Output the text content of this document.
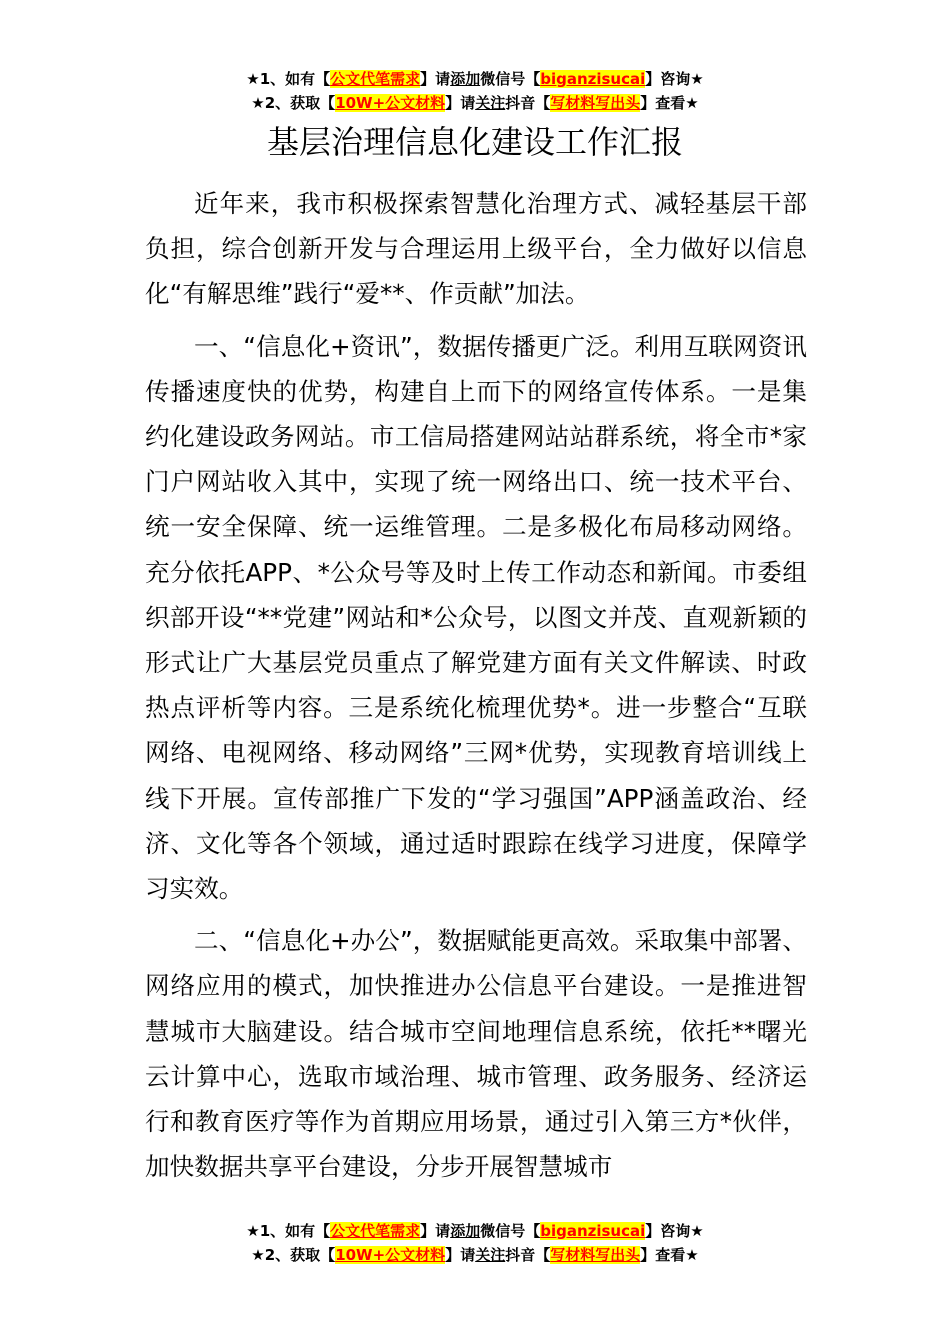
★1、如有【公文代笔需求】请添加微信号【biganzisucai】咨询★
★2、获取【10W+公文材料】请关注抖音【写材料写出头】查看★
基层治理信息化建设工作汇报

近年来，我市积极探索智慧化治理方式、减轻基层干部负担，综合创新开发与合理运用上级平台，全力做好以信息化“有解思维”践行“爱**、作贡献”加法。

一、“信息化+资讯”，数据传播更广泛。利用互联网资讯传播速度快的优势，构建自上而下的网络宣传体系。一是集约化建设政务网站。市工信局搭建网站站群系统，将全市*家门户网站收入其中，实现了统一网络出口、统一技术平台、统一安全保障、统一运维管理。二是多极化布局移动网络。充分依托APP、*公众号等及时上传工作动态和新闻。市委组织部开设“**党建”网站和*公众号，以图文并茂、直观新颖的形式让广大基层党员重点了解党建方面有关文件解读、时政热点评析等内容。三是系统化梳理优势*。进一步整合“互联网络、电视网络、移动网络”三网*优势，实现教育培训线上线下开展。宣传部推广下发的“学习强国”APP涵盖政治、经济、文化等各个领域，通过适时跟踪在线学习进度，保障学习实效。

二、“信息化+办公”，数据赋能更高效。采取集中部署、网络应用的模式，加快推进办公信息平台建设。一是推进智慧城市大脑建设。结合城市空间地理信息系统，依托**曙光云计算中心，选取市域治理、城市管理、政务服务、经济运行和教育医疗等作为首期应用场景，通过引入第三方*伙伴，加快数据共享平台建设，分步开展智慧城市

★1、如有【公文代笔需求】请添加微信号【biganzisucai】咨询★
★2、获取【10W+公文材料】请关注抖音【写材料写出头】查看★
